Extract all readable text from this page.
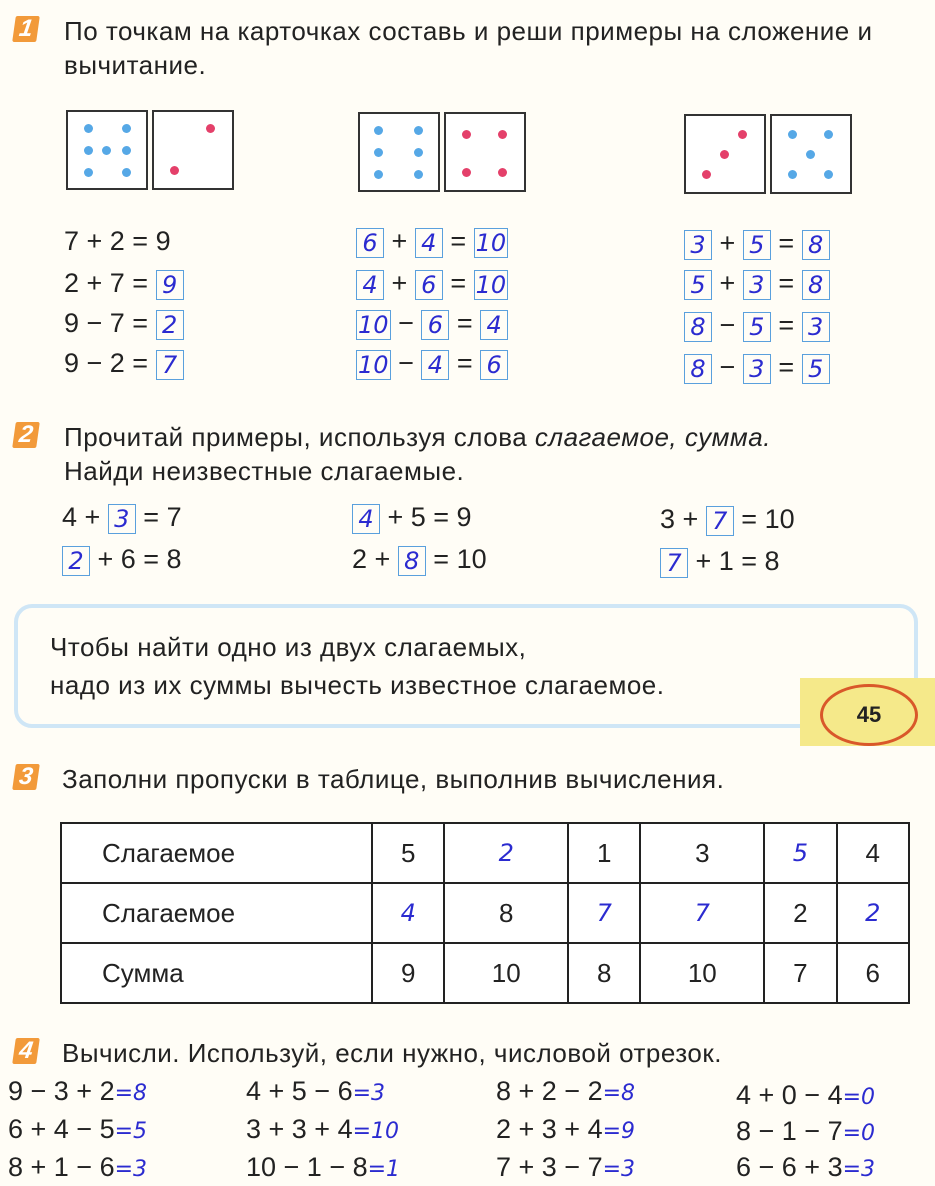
1 По точкам на карточках составь и реши примеры на сложение и вычитание.
7 + 2 = 9
2 + 7 = 9
9 − 7 = 2
9 − 2 = 7
6 + 4 = 10
4 + 6 = 10
10 − 6 = 4
10 − 4 = 6
3 + 5 = 8
5 + 3 = 8
8 − 5 = 3
8 − 3 = 5
2 Прочитай примеры, используя слова слагаемое, сумма.
Найди неизвестные слагаемые.
4 + 3 = 7
2 + 6 = 8
4 + 5 = 9
2 + 8 = 10
3 + 7 = 10
7 + 1 = 8
Чтобы найти одно из двух слагаемых,
надо из их суммы вычесть известное слагаемое.
45
3 Заполни пропуски в таблице, выполнив вычисления.
Слагаемое	5	2	1	3	5	4
Слагаемое	4	8	7	7	2	2
Сумма	9	10	8	10	7	6
4 Вычисли. Используй, если нужно, числовой отрезок.
9 − 3 + 2=8
6 + 4 − 5=5
8 + 1 − 6=3
4 + 5 − 6=3
3 + 3 + 4=10
10 − 1 − 8=1
8 + 2 − 2=8
2 + 3 + 4=9
7 + 3 − 7=3
4 + 0 − 4=0
8 − 1 − 7=0
6 − 6 + 3=3
